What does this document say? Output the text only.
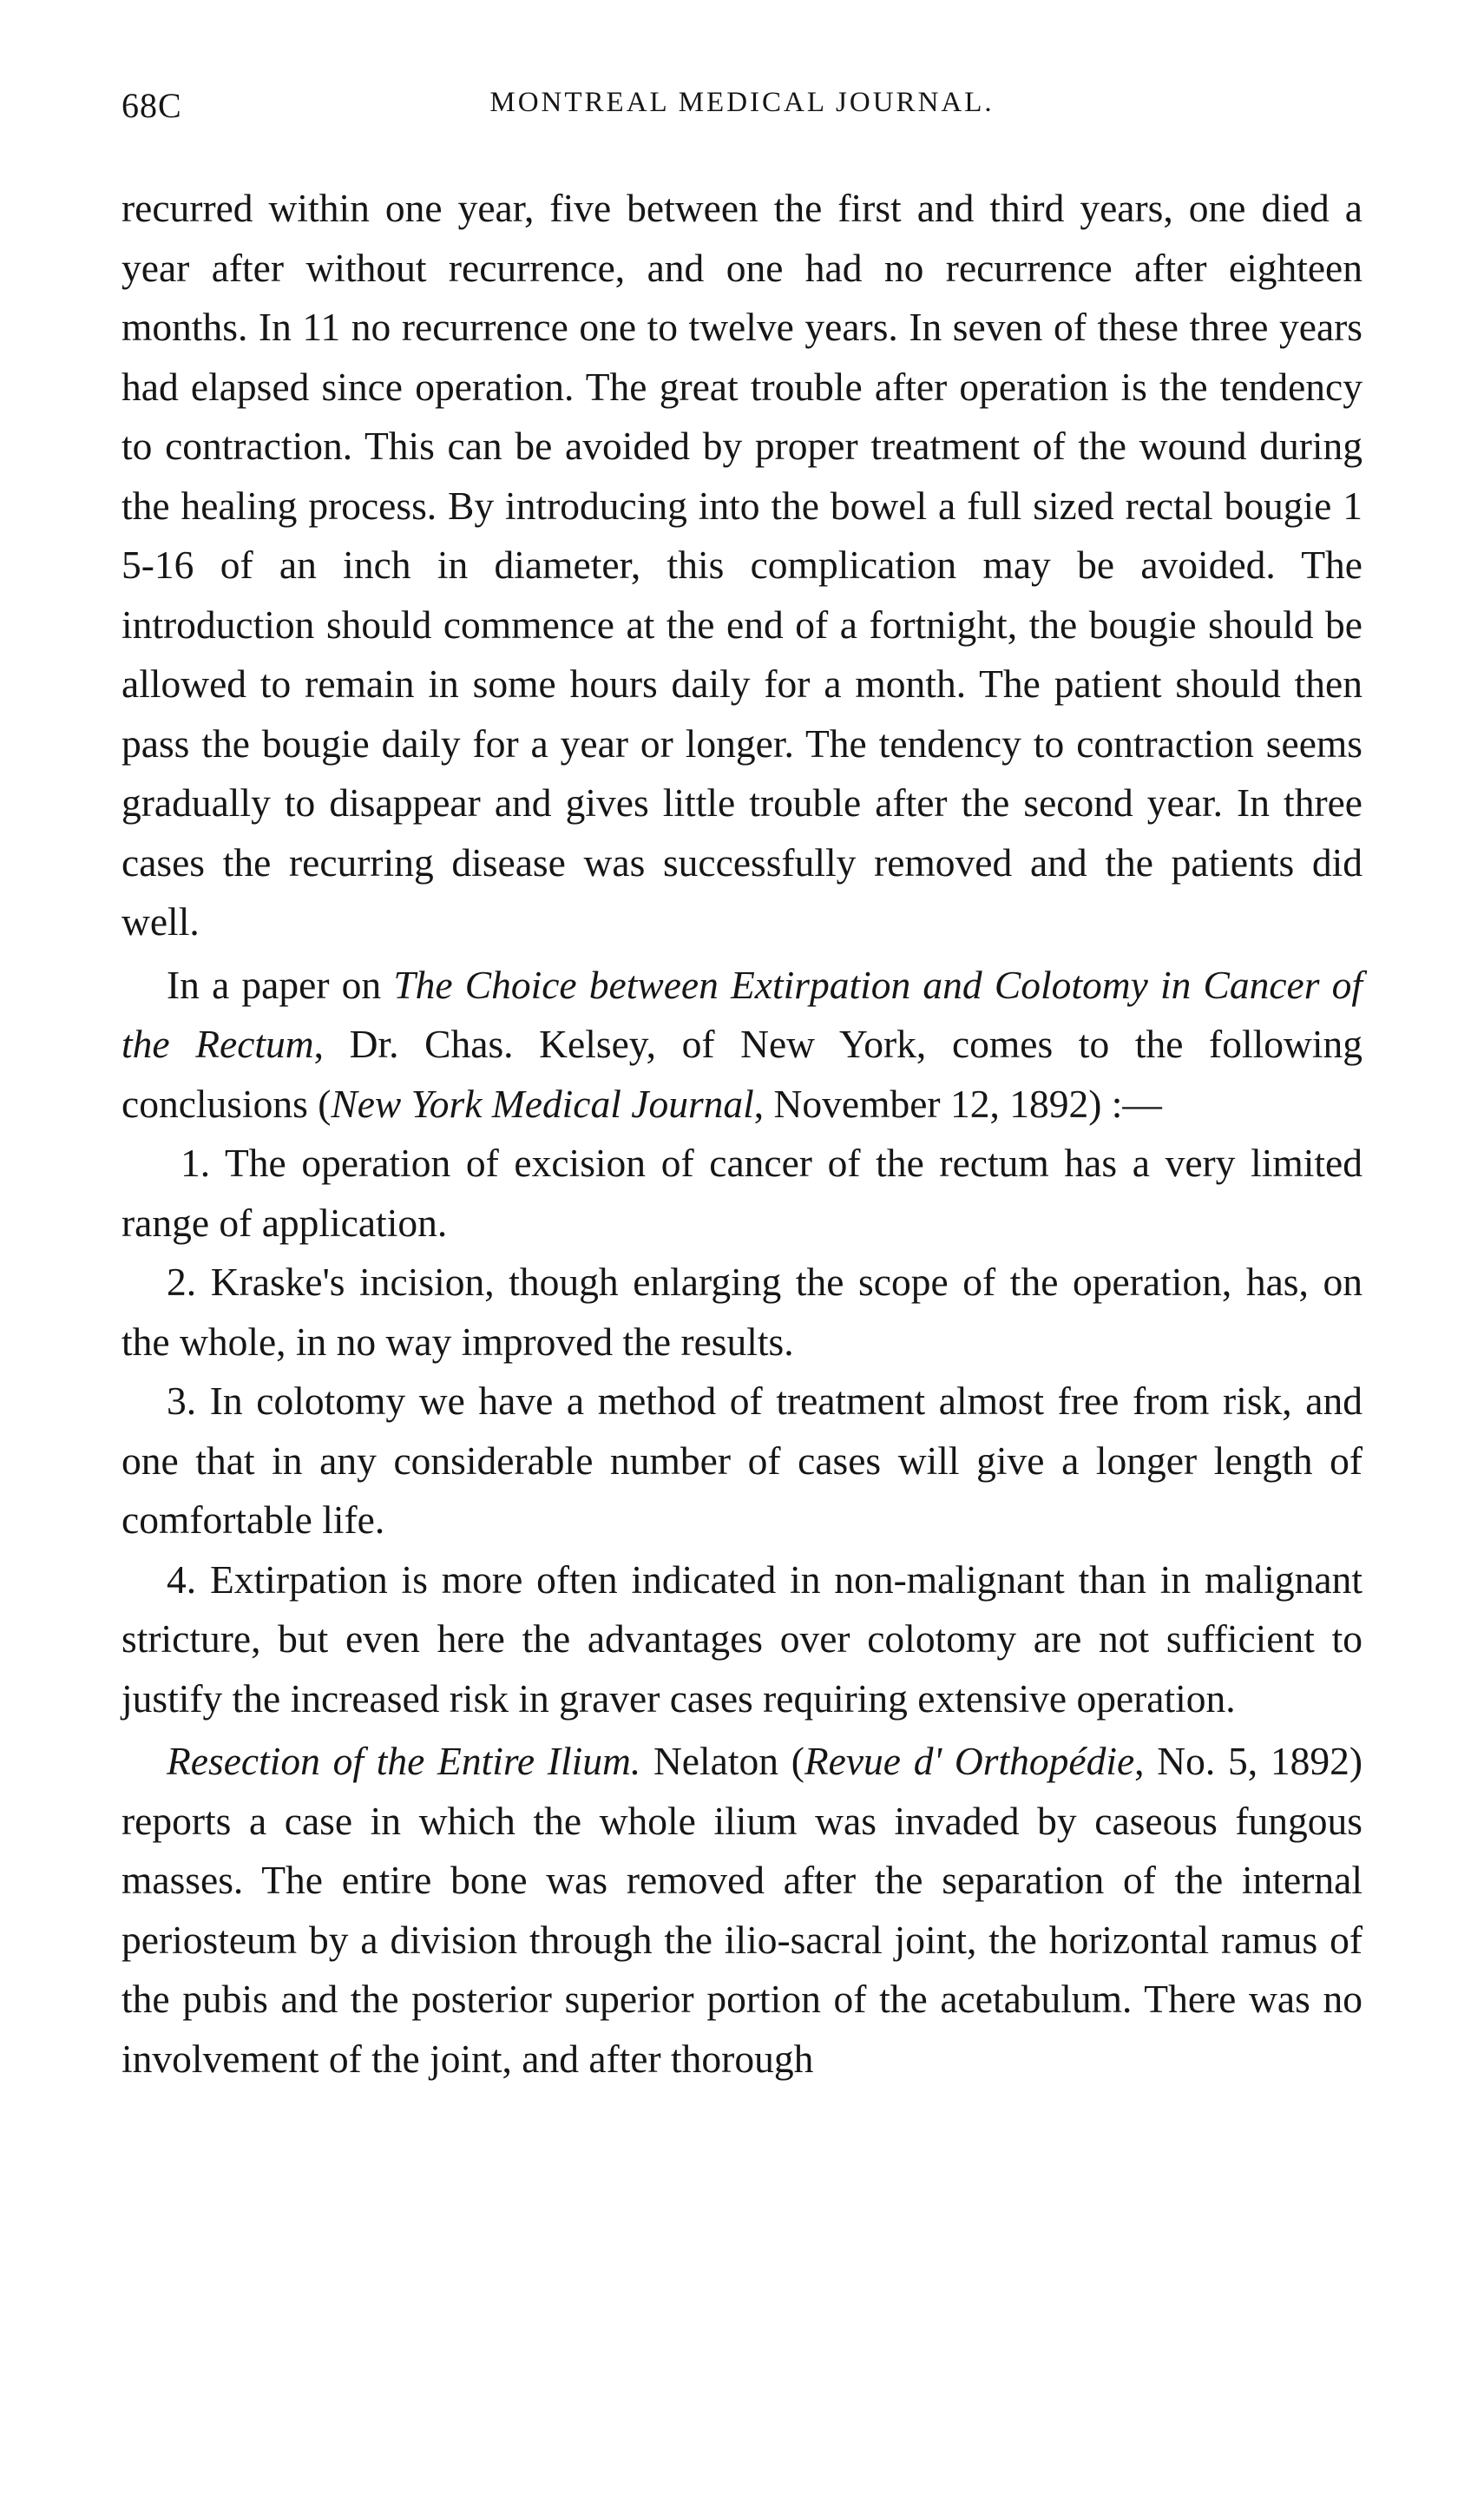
68C	MONTREAL MEDICAL JOURNAL.

recurred within one year, five between the first and third years, one died a year after without recurrence, and one had no recurrence after eighteen months. In 11 no recurrence one to twelve years. In seven of these three years had elapsed since operation. The great trouble after operation is the tendency to contraction. This can be avoided by proper treatment of the wound during the healing process. By introducing into the bowel a full sized rectal bougie 1 5-16 of an inch in diameter, this complication may be avoided. The introduction should commence at the end of a fortnight, the bougie should be allowed to remain in some hours daily for a month. The patient should then pass the bougie daily for a year or longer. The tendency to contraction seems gradually to disappear and gives little trouble after the second year. In three cases the recurring disease was successfully removed and the patients did well.

In a paper on The Choice between Extirpation and Colotomy in Cancer of the Rectum, Dr. Chas. Kelsey, of New York, comes to the following conclusions (New York Medical Journal, November 12, 1892) :—

1. The operation of excision of cancer of the rectum has a very limited range of application.

2. Kraske's incision, though enlarging the scope of the operation, has, on the whole, in no way improved the results.

3. In colotomy we have a method of treatment almost free from risk, and one that in any considerable number of cases will give a longer length of comfortable life.

4. Extirpation is more often indicated in non-malignant than in malignant stricture, but even here the advantages over colotomy are not sufficient to justify the increased risk in graver cases requiring extensive operation.

Resection of the Entire Ilium. Nelaton (Revue d' Orthopédie, No. 5, 1892) reports a case in which the whole ilium was invaded by caseous fungous masses. The entire bone was removed after the separation of the internal periosteum by a division through the ilio-sacral joint, the horizontal ramus of the pubis and the posterior superior portion of the acetabulum. There was no involvement of the joint, and after thorough
